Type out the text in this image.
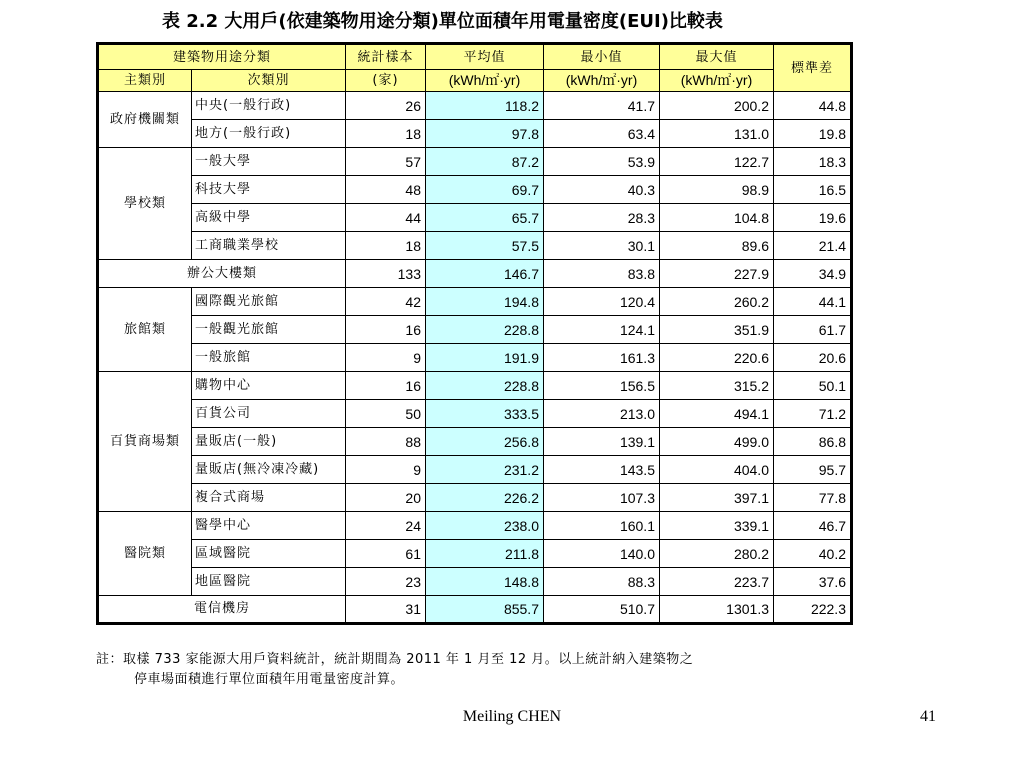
表 2.2 大用戶(依建築物用途分類)單位面積年用電量密度(EUI)比較表
建築物用途分類		統計樣本	平均值	最小值	最大值	標準差
主類別	次類別	(家)	(kWh/㎡·yr)	(kWh/㎡·yr)	(kWh/㎡·yr)	
政府機關類	中央(一般行政)	26	118.2	41.7	200.2	44.8
	地方(一般行政)	18	97.8	63.4	131.0	19.8
學校類	一般大學	57	87.2	53.9	122.7	18.3
	科技大學	48	69.7	40.3	98.9	16.5
	高級中學	44	65.7	28.3	104.8	19.6
	工商職業學校	18	57.5	30.1	89.6	21.4
辦公大樓類		133	146.7	83.8	227.9	34.9
旅館類	國際觀光旅館	42	194.8	120.4	260.2	44.1
	一般觀光旅館	16	228.8	124.1	351.9	61.7
	一般旅館	9	191.9	161.3	220.6	20.6
百貨商場類	購物中心	16	228.8	156.5	315.2	50.1
	百貨公司	50	333.5	213.0	494.1	71.2
	量販店(一般)	88	256.8	139.1	499.0	86.8
	量販店(無冷凍冷藏)	9	231.2	143.5	404.0	95.7
	複合式商場	20	226.2	107.3	397.1	77.8
醫院類	醫學中心	24	238.0	160.1	339.1	46.7
	區域醫院	61	211.8	140.0	280.2	40.2
	地區醫院	23	148.8	88.3	223.7	37.6
電信機房		31	855.7	510.7	1301.3	222.3
註：取樣 733 家能源大用戶資料統計，統計期間為 2011 年 1 月至 12 月。以上統計納入建築物之
停車場面積進行單位面積年用電量密度計算。
Meiling CHEN	41
